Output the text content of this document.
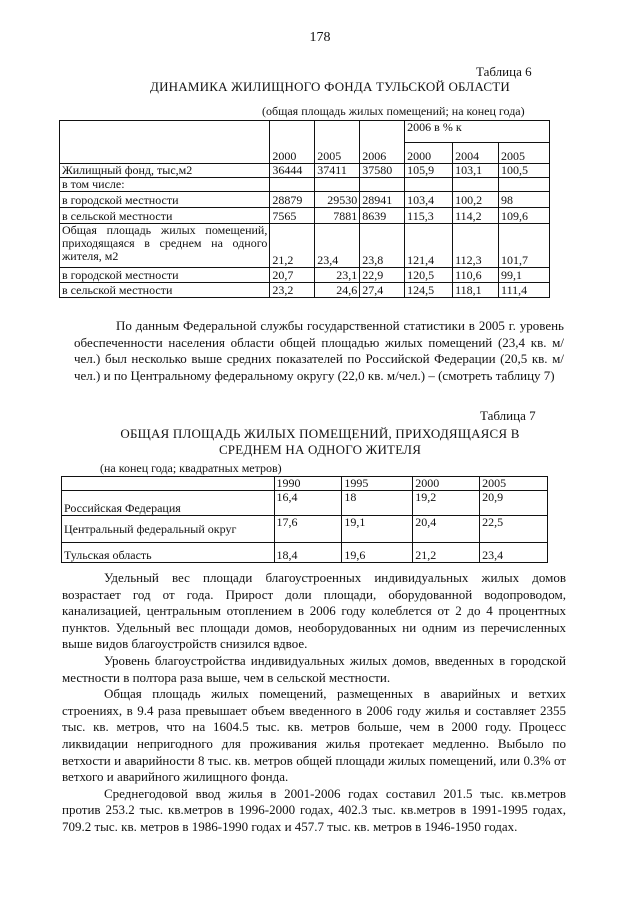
178
Таблица 6
ДИНАМИКА ЖИЛИЩНОГО ФОНДА ТУЛЬСКОЙ ОБЛАСТИ
(общая площадь жилых помещений; на конец года)
	2000	2005	2006	2006 в % к		
				2000	2004	2005
Жилищный фонд, тыс,м2	36444	37411	37580	105,9	103,1	100,5
в том числе:						
в городской местности	28879	29530	28941	103,4	100,2	98
в сельской местности	7565	7881	8639	115,3	114,2	109,6
Общая площадь жилых помещений, приходящаяся в среднем на одного жителя, м2	21,2	23,4	23,8	121,4	112,3	101,7
в городской местности	20,7	23,1	22,9	120,5	110,6	99,1
в сельской местности	23,2	24,6	27,4	124,5	118,1	111,4

По данным Федеральной службы государственной статистики в 2005 г. уровень обеспеченности населения области общей площадью жилых помещений (23,4 кв. м/чел.) был несколько выше средних показателей по Российской Федерации (20,5 кв. м/чел.) и по Центральному федеральному округу (22,0 кв. м/чел.) – (смотреть таблицу 7)

Таблица 7
ОБЩАЯ ПЛОЩАДЬ ЖИЛЫХ ПОМЕЩЕНИЙ, ПРИХОДЯЩАЯСЯ В
СРЕДНЕМ НА ОДНОГО ЖИТЕЛЯ
(на конец года; квадратных метров)
	1990	1995	2000	2005
Российская Федерация	16,4	18	19,2	20,9
Центральный федеральный округ	17,6	19,1	20,4	22,5
Тульская область	18,4	19,6	21,2	23,4

Удельный вес площади благоустроенных индивидуальных жилых домов возрастает год от года. Прирост доли площади, оборудованной водопроводом, канализацией, центральным отоплением в 2006 году колеблется от 2 до 4 процентных пунктов. Удельный вес площади домов, необорудованных ни одним из перечисленных выше видов благоустройств снизился вдвое.

Уровень благоустройства индивидуальных жилых домов, введенных в городской местности в полтора раза выше, чем в сельской местности.

Общая площадь жилых помещений, размещенных в аварийных и ветхих строениях, в 9.4 раза превышает объем введенного в 2006 году жилья и составляет 2355 тыс. кв. метров, что на 1604.5 тыс. кв. метров больше, чем в 2000 году. Процесс ликвидации непригодного для проживания жилья протекает медленно. Выбыло по ветхости и аварийности 8 тыс. кв. метров общей площади жилых помещений, или 0.3% от ветхого и аварийного жилищного фонда.

Среднегодовой ввод жилья в 2001-2006 годах составил 201.5 тыс. кв.метров против 253.2 тыс. кв.метров в 1996-2000 годах, 402.3 тыс. кв.метров в 1991-1995 годах, 709.2 тыс. кв. метров в 1986-1990 годах и 457.7 тыс. кв. метров в 1946-1950 годах.
